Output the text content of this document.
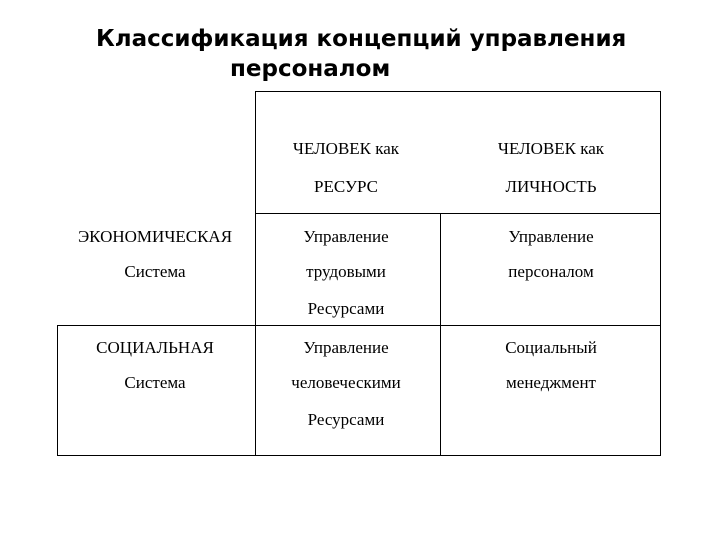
Классификация концепций управления
персоналом
ЧЕЛОВЕК как
РЕСУРС
ЧЕЛОВЕК как
ЛИЧНОСТЬ
ЭКОНОМИЧЕСКАЯ
Система
Управление
трудовыми
Ресурсами
Управление
персоналом
СОЦИАЛЬНАЯ
Система
Управление
человеческими
Ресурсами
Социальный
менеджмент
